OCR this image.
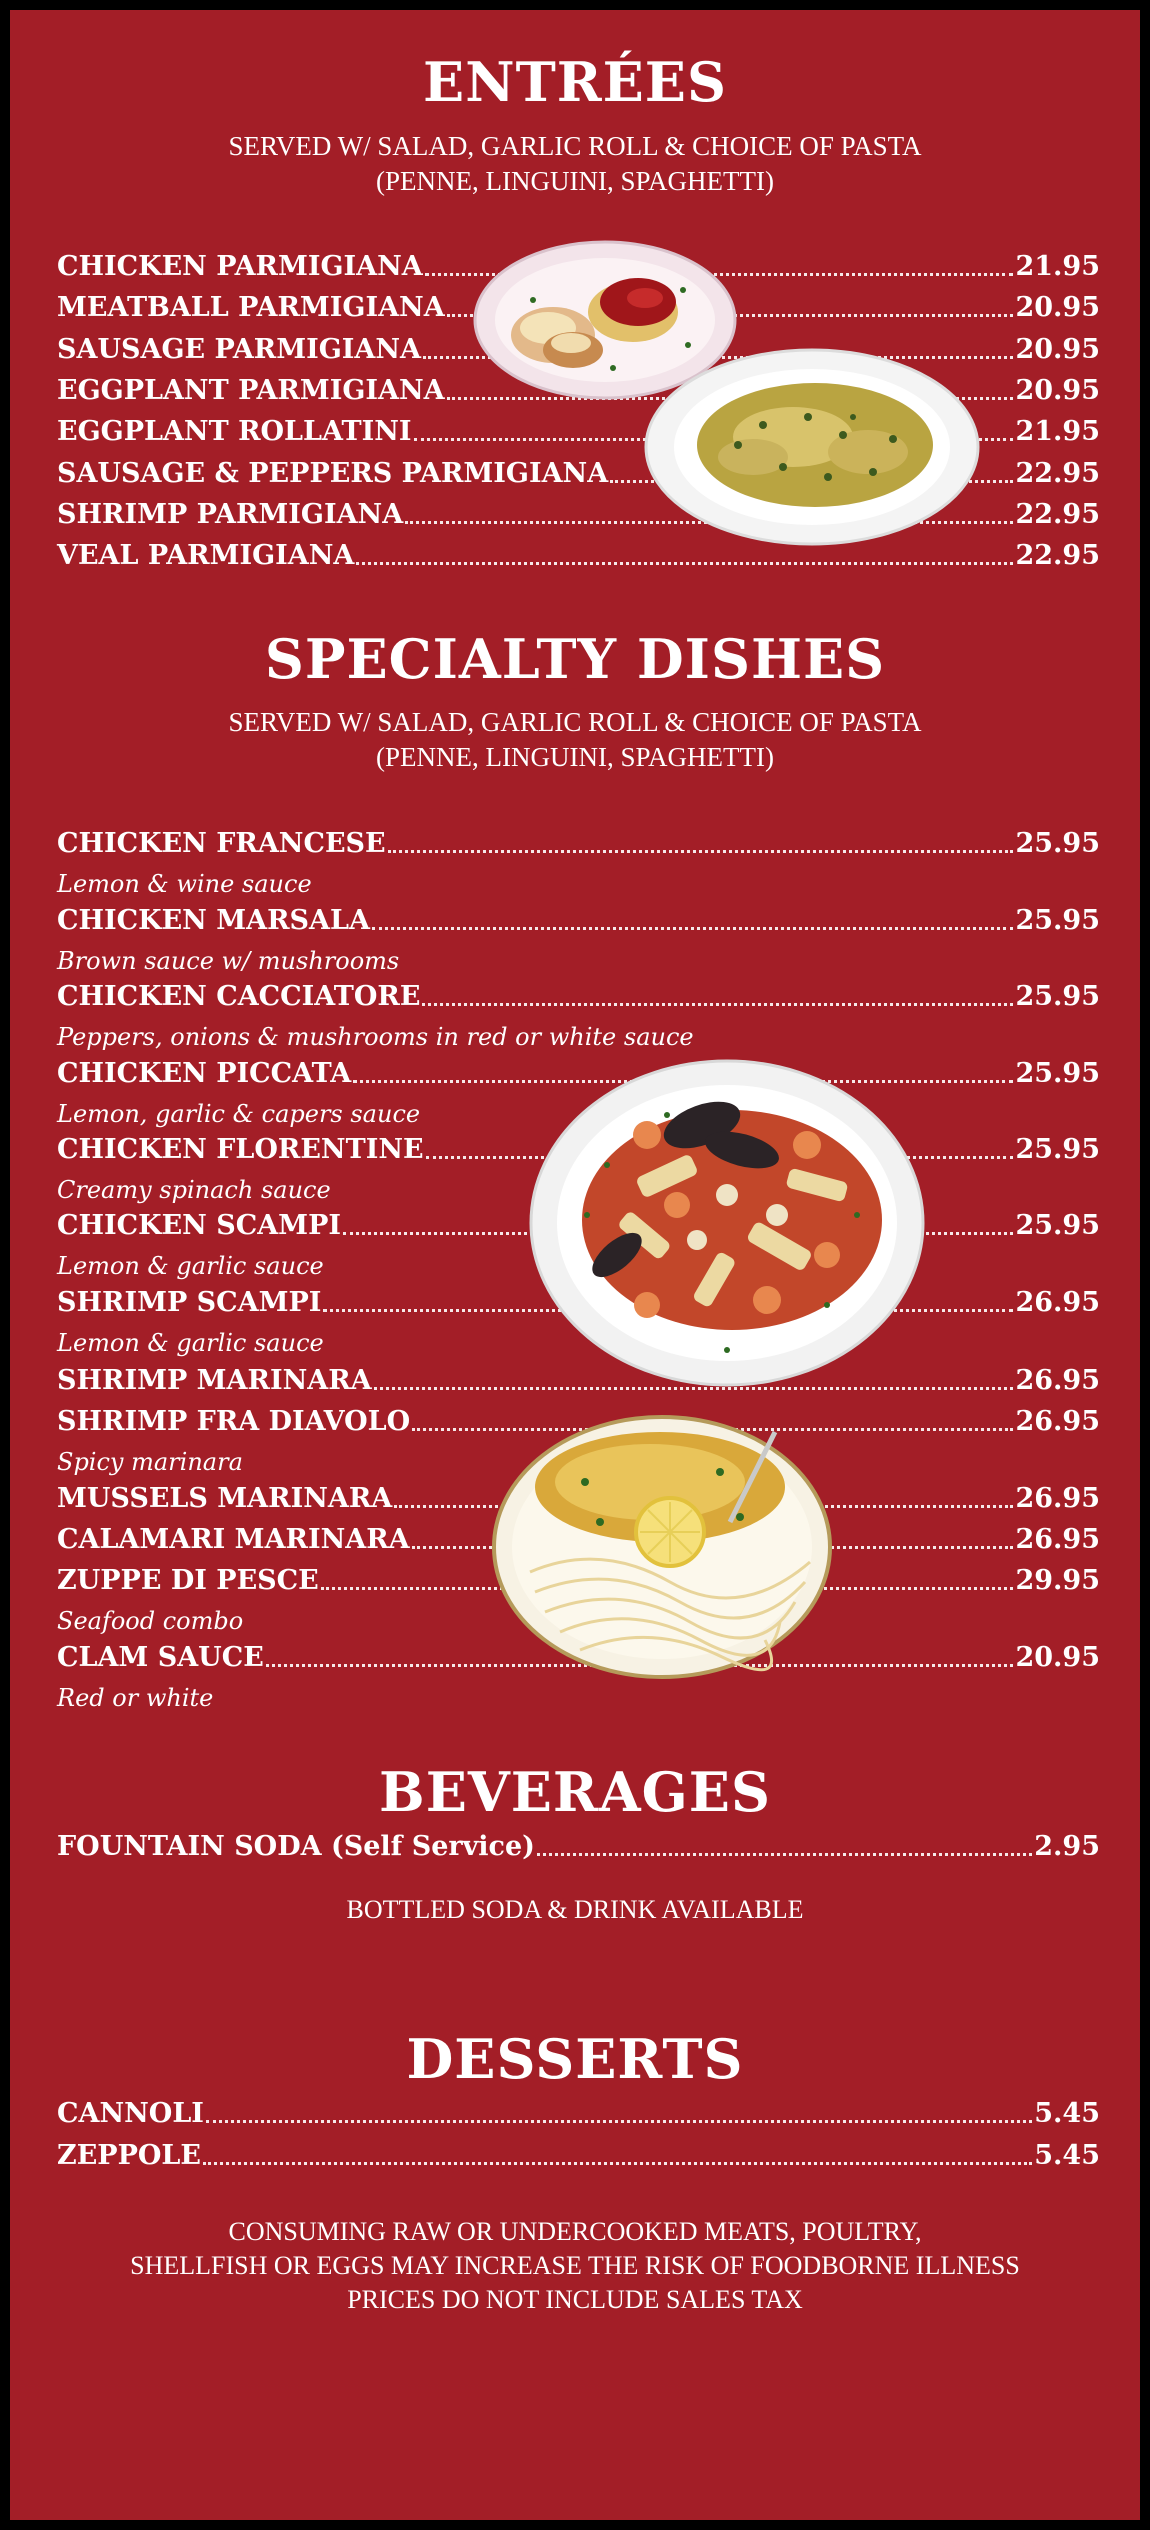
ENTRÉES
SERVED W/ SALAD, GARLIC ROLL & CHOICE OF PASTA
(PENNE, LINGUINI, SPAGHETTI)
CHICKEN PARMIGIANA	21.95
MEATBALL PARMIGIANA	20.95
SAUSAGE PARMIGIANA	20.95
EGGPLANT PARMIGIANA	20.95
EGGPLANT ROLLATINI	21.95
SAUSAGE & PEPPERS PARMIGIANA	22.95
SHRIMP PARMIGIANA	22.95
VEAL PARMIGIANA	22.95
SPECIALTY DISHES
SERVED W/ SALAD, GARLIC ROLL & CHOICE OF PASTA
(PENNE, LINGUINI, SPAGHETTI)
CHICKEN FRANCESE	25.95
Lemon & wine sauce
CHICKEN MARSALA	25.95
Brown sauce w/ mushrooms
CHICKEN CACCIATORE	25.95
Peppers, onions & mushrooms in red or white sauce
CHICKEN PICCATA	25.95
Lemon, garlic & capers sauce
CHICKEN FLORENTINE	25.95
Creamy spinach sauce
CHICKEN SCAMPI	25.95
Lemon & garlic sauce
SHRIMP SCAMPI	26.95
Lemon & garlic sauce
SHRIMP MARINARA	26.95
SHRIMP FRA DIAVOLO	26.95
Spicy marinara
MUSSELS MARINARA	26.95
CALAMARI MARINARA	26.95
ZUPPE DI PESCE	29.95
Seafood combo
CLAM SAUCE	20.95
Red or white
BEVERAGES
FOUNTAIN SODA (Self Service)	2.95
BOTTLED SODA & DRINK AVAILABLE
DESSERTS
CANNOLI	5.45
ZEPPOLE	5.45
CONSUMING RAW OR UNDERCOOKED MEATS, POULTRY,
SHELLFISH OR EGGS MAY INCREASE THE RISK OF FOODBORNE ILLNESS
PRICES DO NOT INCLUDE SALES TAX
